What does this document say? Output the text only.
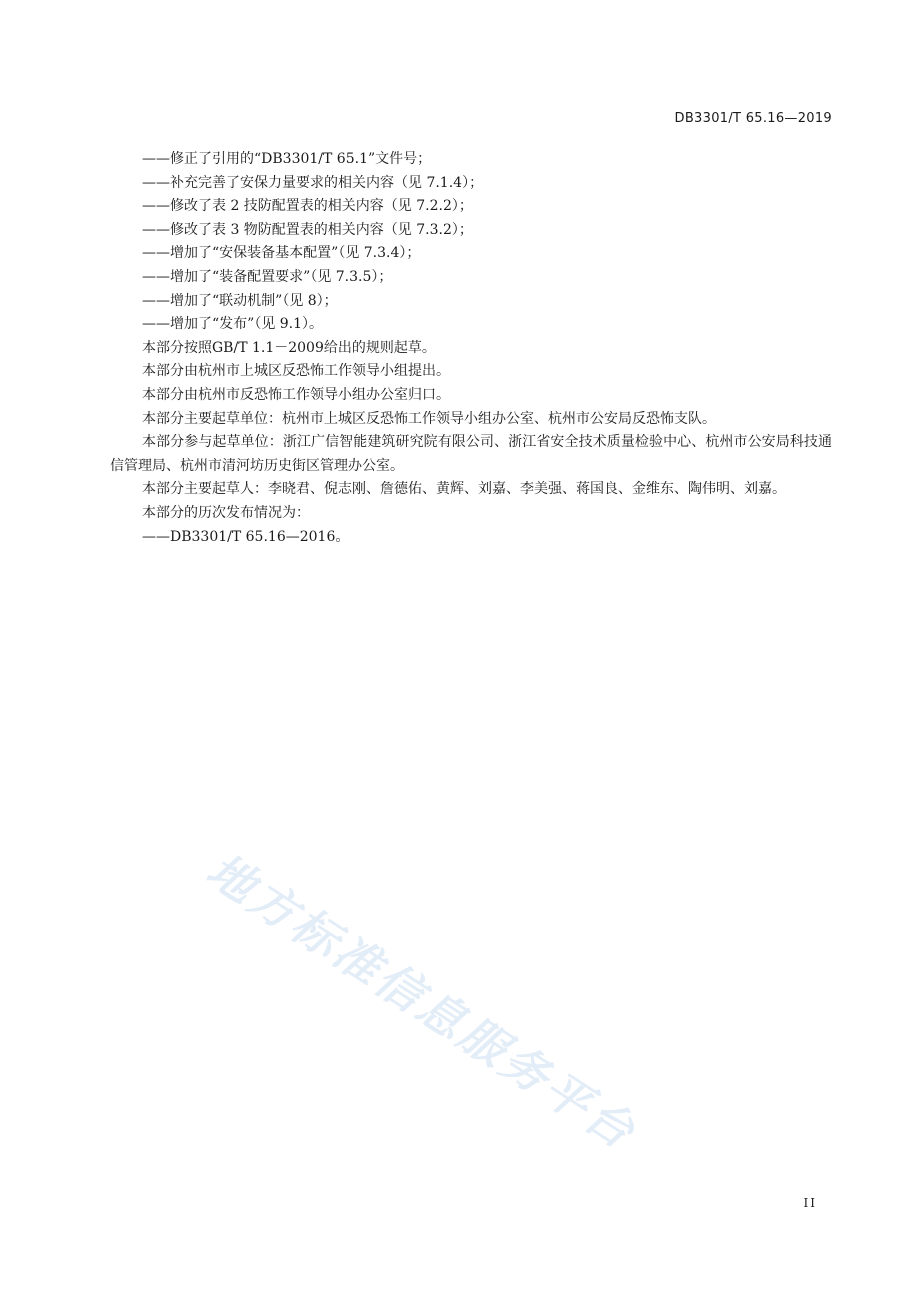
DB3301/T 65.16—2019

——修正了引用的“DB3301/T 65.1”文件号；

——补充完善了安保力量要求的相关内容（见 7.1.4）；

——修改了表 2 技防配置表的相关内容（见 7.2.2）；

——修改了表 3 物防配置表的相关内容（见 7.3.2）；

——增加了“安保装备基本配置”（见 7.3.4）；

——增加了“装备配置要求”（见 7.3.5）；

——增加了“联动机制”（见 8）；

——增加了“发布”（见 9.1）。

本部分按照GB/T 1.1－2009给出的规则起草。

本部分由杭州市上城区反恐怖工作领导小组提出。

本部分由杭州市反恐怖工作领导小组办公室归口。

本部分主要起草单位：杭州市上城区反恐怖工作领导小组办公室、杭州市公安局反恐怖支队。

本部分参与起草单位：浙江广信智能建筑研究院有限公司、浙江省安全技术质量检验中心、杭州市公安局科技通信管理局、杭州市清河坊历史街区管理办公室。

本部分主要起草人：李晓君、倪志刚、詹德佑、黄辉、刘嘉、李美强、蒋国良、金维东、陶伟明、刘嘉。

本部分的历次发布情况为：

——DB3301/T 65.16—2016。

地方标准信息服务平台
II
